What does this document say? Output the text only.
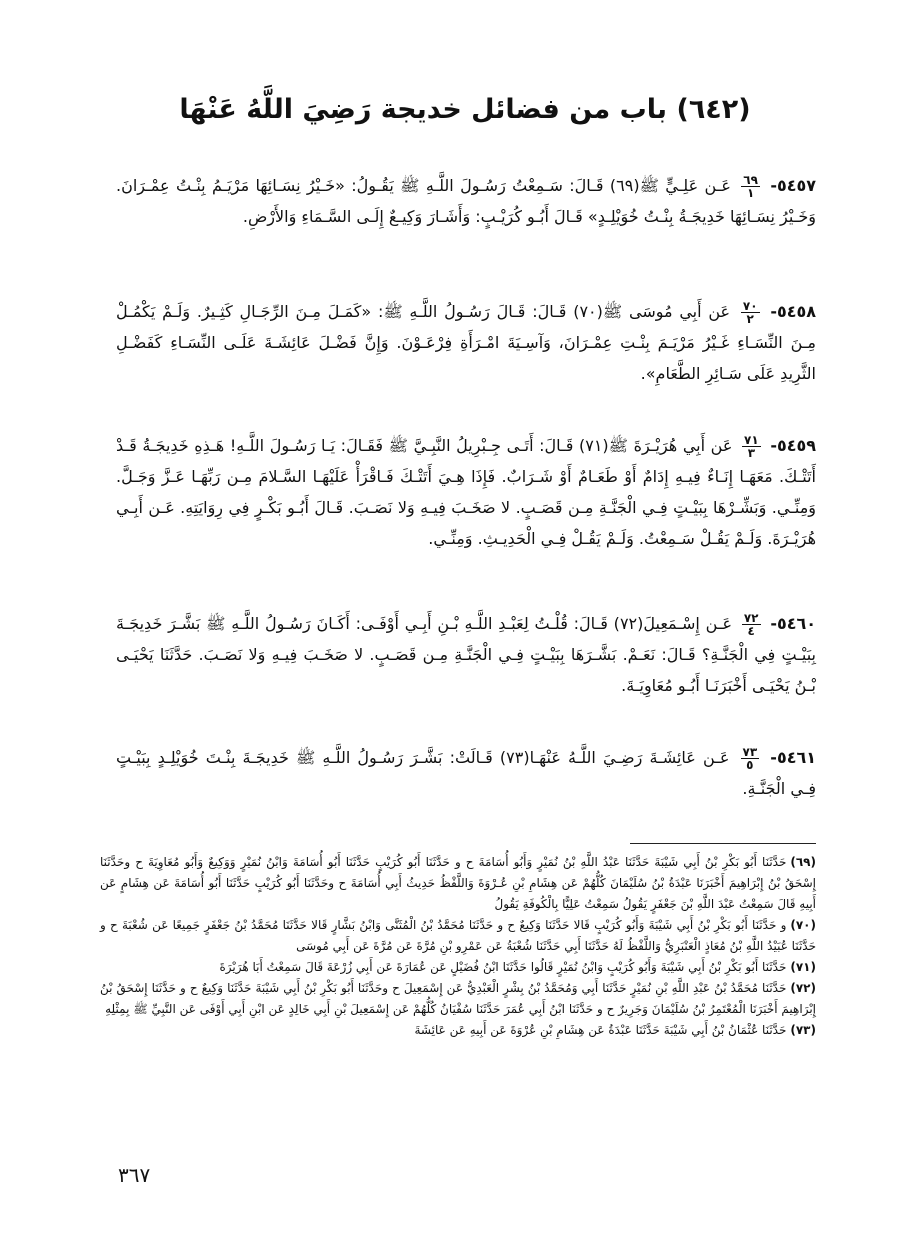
(٦٤٢) باب من فضائل خديجة رَضِيَ اللَّهُ عَنْهَا
٥٤٥٧-
$\frac{٦٩}{١}$
عَـن عَلِـيٍّ ﷺ(٦٩) قَـالَ: سَـمِعْتُ رَسُـولَ اللَّـهِ ﷺ يَقُـولُ: «خَـيْرُ نِسَـائِهَا مَرْيَـمُ بِنْـتُ عِمْـرَانَ. وَخَـيْرُ نِسَـائِهَا خَدِيجَـةُ بِنْـتُ خُوَيْلِـدٍ» قَـالَ أَبُـو كُرَيْـبٍ: وَأَشَـارَ وَكِيـعٌ إِلَـى السَّـمَاءِ وَالأَرْضِ.
٥٤٥٨-
$\frac{٧٠}{٢}$
عَن أَبِي مُوسَى ﷺ(٧٠) قَـالَ: قَـالَ رَسُـولُ اللَّـهِ ﷺ: «كَمَـلَ مِـنَ الرِّجَـالِ كَثِـيرٌ. وَلَـمْ يَكْمُـلْ مِـنَ النِّسَـاءِ غَـيْرُ مَرْيَـمَ بِنْـتِ عِمْـرَانَ، وَآسِـيَةَ امْـرَأَةِ فِرْعَـوْنَ. وَإِنَّ فَضْـلَ عَائِشَـةَ عَلَـى النِّسَـاءِ كَفَضْـلِ الثَّرِيدِ عَلَى سَـائِرِ الطَّعَامِ».
٥٤٥٩-
$\frac{٧١}{٣}$
عَن أَبِي هُرَيْـرَةَ ﷺ(٧١) قَـالَ: أَتَـى جِـبْرِيلُ النَّبِـيَّ ﷺ فَقَـالَ: يَـا رَسُـولَ اللَّـهِ! هَـذِهِ خَدِيجَـةُ قَـدْ أَتَتْـكَ. مَعَهَـا إِنَـاءٌ فِيـهِ إِدَامٌ أَوْ طَعَـامٌ أَوْ شَـرَابٌ. فَإِذَا هِـيَ أَتَتْـكَ فَـاقْرَأْ عَلَيْهَـا السَّـلامَ مِـن رَبِّهَـا عَـزَّ وَجَـلَّ. وَمِنِّـي. وَبَشِّـرْهَا بِبَيْـتٍ فِـي الْجَنَّـةِ مِـن قَصَـبٍ. لا صَخَـبَ فِيـهِ وَلا نَصَـبَ. قَـالَ أَبُـو بَكْـرٍ فِي رِوَايَتِهِ. عَـن أَبِـي هُرَيْـرَةَ. وَلَـمْ يَقُـلْ سَـمِعْتُ. وَلَـمْ يَقُـلْ فِـي الْحَدِيـثِ. وَمِنِّـي.
٥٤٦٠-
$\frac{٧٢}{٤}$
عَـن إِسْـمَعِيلَ(٧٢) قَـالَ: قُلْـتُ لِعَبْـدِ اللَّـهِ بْـنِ أَبِـي أَوْفَـى: أَكَـانَ رَسُـولُ اللَّـهِ ﷺ بَشَّـرَ خَدِيجَـةَ بِبَيْـتٍ فِي الْجَنَّـةِ؟ قَـالَ: نَعَـمْ. بَشَّـرَهَا بِبَيْـتٍ فِـي الْجَنَّـةِ مِـن قَصَـبٍ. لا صَخَـبَ فِيـهِ وَلا نَصَـبَ. حَدَّثَنَا يَحْيَـى بْـنُ يَحْيَـى أَخْبَرَنَـا أَبُـو مُعَاوِيَـةَ.
٥٤٦١-
$\frac{٧٣}{٥}$
عَـن عَائِشَـةَ رَضِـيَ اللَّـهُ عَنْهَـا(٧٣) قَـالَتْ: بَشَّـرَ رَسُـولُ اللَّـهِ ﷺ خَدِيجَـةَ بِنْـتَ خُوَيْلِـدٍ بِبَيْـتٍ فِـي الْجَنَّـةِ.

(٦٩)حَدَّثَنَا أَبُو بَكْرِ بْنُ أَبِي شَيْبَةَ حَدَّثَنَا عَبْدُ اللَّهِ بْنُ نُمَيْرٍ وَأَبُو أُسَامَةَ ح و حَدَّثَنَا أَبُو كُرَيْبٍ حَدَّثَنَا أَبُو أُسَامَةَ وَابْنُ نُمَيْرٍ وَوَكِيعٌ وَأَبُو مُعَاوِيَةَ ح وحَدَّثَنَا إِسْحَقُ بْنُ إِبْرَاهِيمَ أَخْبَرَنَا عَبْدَةُ بْنُ سُلَيْمَانَ كُلُّهُمْ عَن هِشَامِ بْنِ عُـرْوَةَ وَاللَّفْظُ حَدِيثُ أَبِي أُسَامَةَ ح وحَدَّثَنَا أَبُو كُرَيْبٍ حَدَّثَنَا أَبُو أُسَامَةَ عَن هِشَامٍ عَن أَبِيهِ قَالَ سَمِعْتُ عَبْدَ اللَّهِ بْنَ جَعْفَرٍ يَقُولُ سَمِعْتُ عَلِيًّا بِالْكُوفَةِ يَقُولُ

(٧٠)و حَدَّثَنَا أَبُو بَكْرِ بْنُ أَبِي شَيْبَةَ وَأَبُو كُرَيْبٍ قَالا حَدَّثَنَا وَكِيعٌ ح و حَدَّثَنَا مُحَمَّدُ بْنُ الْمُثَنَّى وَابْنُ بَشَّارٍ قَالا حَدَّثَنَا مُحَمَّدُ بْنُ جَعْفَرٍ جَمِيعًا عَن شُعْبَةَ ح و حَدَّثَنَا عُبَيْدُ اللَّهِ بْنُ مُعَاذٍ الْعَنْبَرِيُّ وَاللَّفْظُ لَهُ حَدَّثَنَا أَبِي حَدَّثَنَا شُعْبَةُ عَن عَمْرِو بْنِ مُرَّةَ عَن مُرَّةَ عَن أَبِي مُوسَى

(٧١)حَدَّثَنَا أَبُو بَكْرِ بْنُ أَبِي شَيْبَةَ وَأَبُو كُرَيْبٍ وَابْنُ نُمَيْرٍ قَالُوا حَدَّثَنَا ابْنُ فُضَيْلٍ عَن عُمَارَةَ عَن أَبِي زُرْعَةَ قَالَ سَمِعْتُ أَبَا هُرَيْرَةَ

(٧٢)حَدَّثَنَا مُحَمَّدُ بْنُ عَبْدِ اللَّهِ بْنِ نُمَيْرٍ حَدَّثَنَا أَبِي وَمُحَمَّدُ بْنُ بِشْرٍ الْعَبْدِيُّ عَن إِسْمَعِيلَ ح وحَدَّثَنَا أَبُو بَكْرِ بْنُ أَبِي شَيْبَةَ حَدَّثَنَا وَكِيعٌ ح و حَدَّثَنَا إِسْحَقُ بْنُ إِبْرَاهِيمَ أَخْبَرَنَا الْمُعْتَمِرُ بْنُ سُلَيْمَانَ وَجَرِيرٌ ح و حَدَّثَنَا ابْنُ أَبِي عُمَرَ حَدَّثَنَا سُفْيَانُ كُلُّهُمْ عَن إِسْمَعِيلَ بْنِ أَبِي خَالِدٍ عَن ابْنِ أَبِي أَوْفَى عَن النَّبِيِّ ﷺ بِمِثْلِهِ

(٧٣)حَدَّثَنَا عُثْمَانُ بْنُ أَبِي شَيْبَةَ حَدَّثَنَا عَبْدَةُ عَن هِشَامِ بْنِ عُرْوَةَ عَن أَبِيهِ عَن عَائِشَةَ

٣٦٧
